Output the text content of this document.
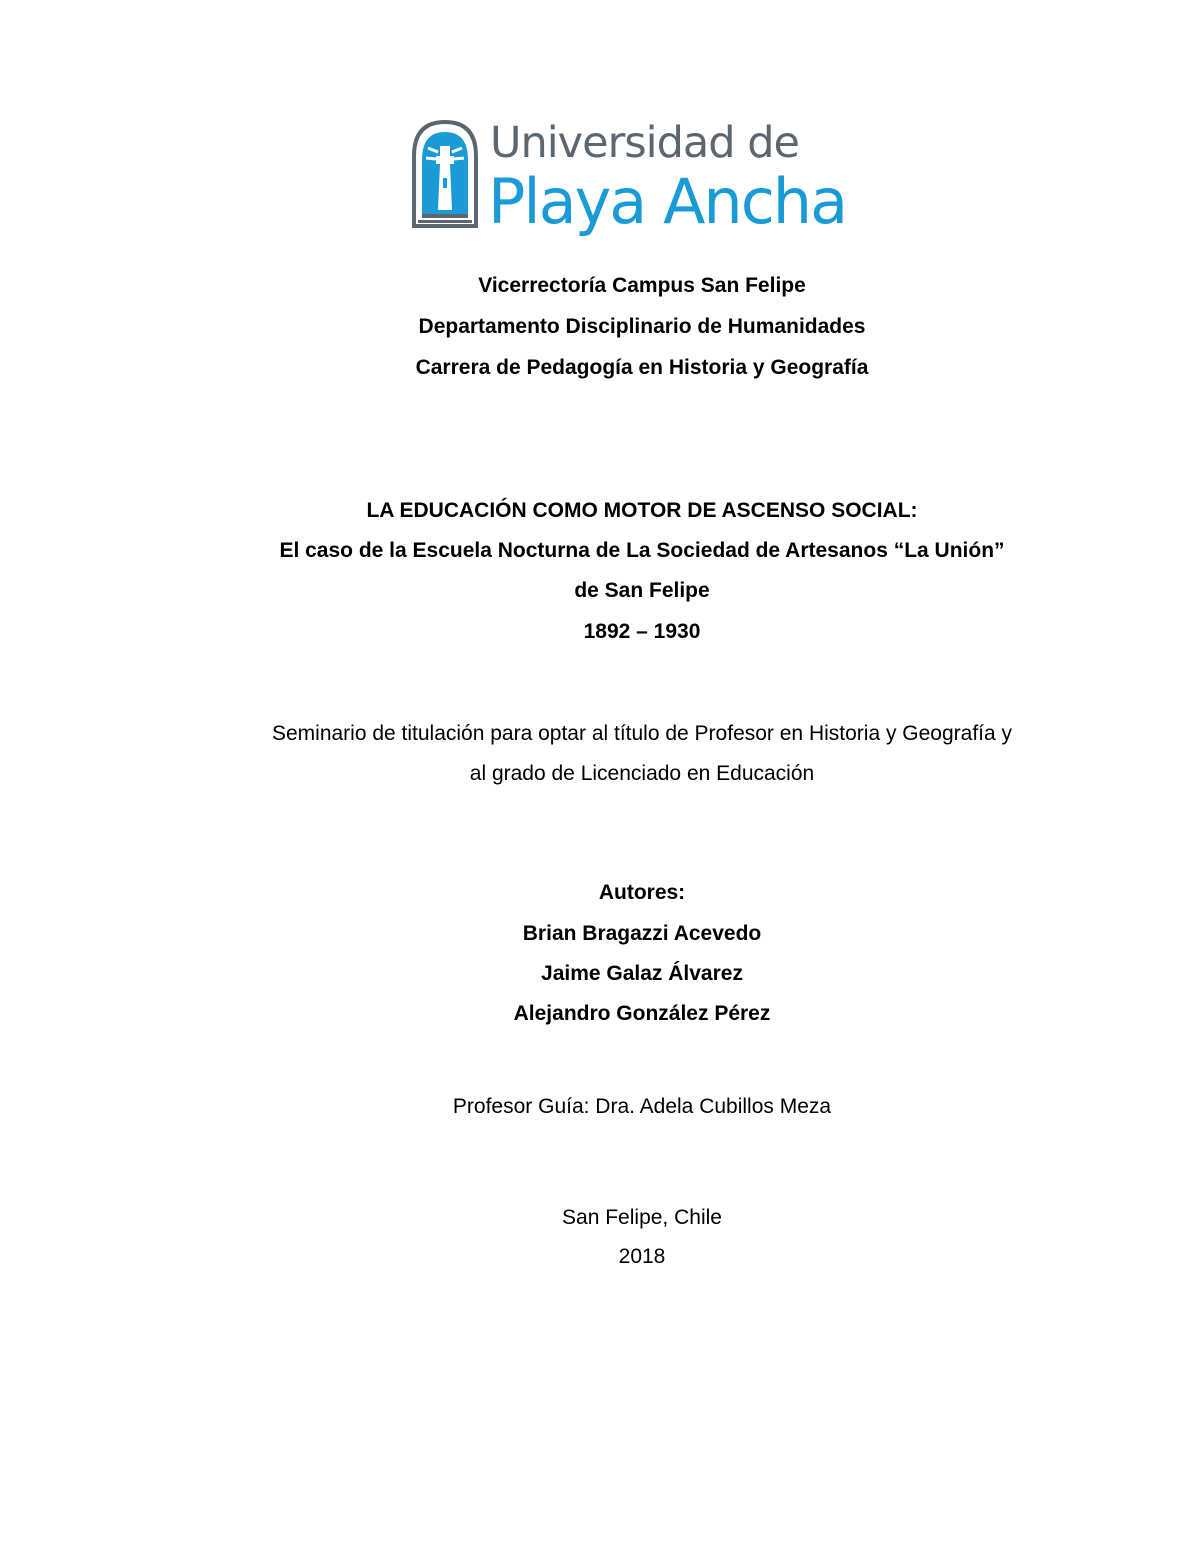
Universidad de
Playa Ancha
Vicerrectoría Campus San Felipe
Departamento Disciplinario de Humanidades
Carrera de Pedagogía en Historia y Geografía
LA EDUCACIÓN COMO MOTOR DE ASCENSO SOCIAL:
El caso de la Escuela Nocturna de La Sociedad de Artesanos “La Unión”
de San Felipe
1892 – 1930
Seminario de titulación para optar al título de Profesor en Historia y Geografía y
al grado de Licenciado en Educación
Autores:
Brian Bragazzi Acevedo
Jaime Galaz Álvarez
Alejandro González Pérez
Profesor Guía: Dra. Adela Cubillos Meza
San Felipe, Chile
2018
